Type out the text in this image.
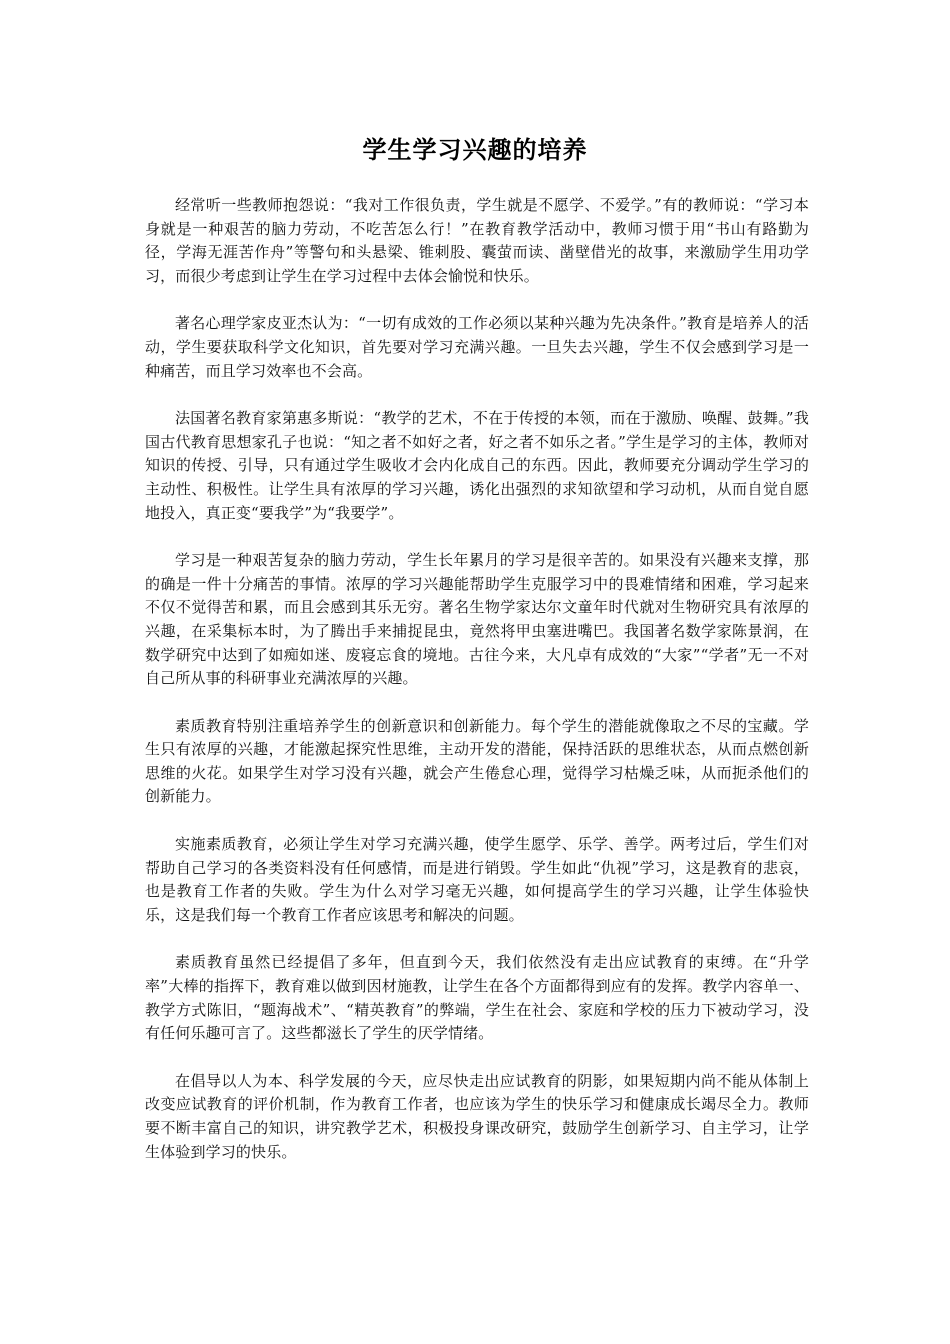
学生学习兴趣的培养

经常听一些教师抱怨说：“我对工作很负责，学生就是不愿学、不爱学。”有的教师说：“学习本身就是一种艰苦的脑力劳动，不吃苦怎么行！”在教育教学活动中，教师习惯于用“书山有路勤为径，学海无涯苦作舟”等警句和头悬梁、锥刺股、囊萤而读、凿壁借光的故事，来激励学生用功学习，而很少考虑到让学生在学习过程中去体会愉悦和快乐。

著名心理学家皮亚杰认为：“一切有成效的工作必须以某种兴趣为先决条件。”教育是培养人的活动，学生要获取科学文化知识，首先要对学习充满兴趣。一旦失去兴趣，学生不仅会感到学习是一种痛苦，而且学习效率也不会高。

法国著名教育家第惠多斯说：“教学的艺术，不在于传授的本领，而在于激励、唤醒、鼓舞。”我国古代教育思想家孔子也说：“知之者不如好之者，好之者不如乐之者。”学生是学习的主体，教师对知识的传授、引导，只有通过学生吸收才会内化成自己的东西。因此，教师要充分调动学生学习的主动性、积极性。让学生具有浓厚的学习兴趣，诱化出强烈的求知欲望和学习动机，从而自觉自愿地投入，真正变“要我学”为“我要学”。

学习是一种艰苦复杂的脑力劳动，学生长年累月的学习是很辛苦的。如果没有兴趣来支撑，那的确是一件十分痛苦的事情。浓厚的学习兴趣能帮助学生克服学习中的畏难情绪和困难，学习起来不仅不觉得苦和累，而且会感到其乐无穷。著名生物学家达尔文童年时代就对生物研究具有浓厚的兴趣，在采集标本时，为了腾出手来捕捉昆虫，竟然将甲虫塞进嘴巴。我国著名数学家陈景润，在数学研究中达到了如痴如迷、废寝忘食的境地。古往今来，大凡卓有成效的“大家”“学者”无一不对自己所从事的科研事业充满浓厚的兴趣。

素质教育特别注重培养学生的创新意识和创新能力。每个学生的潜能就像取之不尽的宝藏。学生只有浓厚的兴趣，才能激起探究性思维，主动开发的潜能，保持活跃的思维状态，从而点燃创新思维的火花。如果学生对学习没有兴趣，就会产生倦怠心理，觉得学习枯燥乏味，从而扼杀他们的创新能力。

实施素质教育，必须让学生对学习充满兴趣，使学生愿学、乐学、善学。两考过后，学生们对帮助自己学习的各类资料没有任何感情，而是进行销毁。学生如此“仇视”学习，这是教育的悲哀，也是教育工作者的失败。学生为什么对学习毫无兴趣，如何提高学生的学习兴趣，让学生体验快乐，这是我们每一个教育工作者应该思考和解决的问题。

素质教育虽然已经提倡了多年，但直到今天，我们依然没有走出应试教育的束缚。在“升学率”大棒的指挥下，教育难以做到因材施教，让学生在各个方面都得到应有的发挥。教学内容单一、教学方式陈旧，“题海战术”、“精英教育”的弊端，学生在社会、家庭和学校的压力下被动学习，没有任何乐趣可言了。这些都滋长了学生的厌学情绪。

在倡导以人为本、科学发展的今天，应尽快走出应试教育的阴影，如果短期内尚不能从体制上改变应试教育的评价机制，作为教育工作者，也应该为学生的快乐学习和健康成长竭尽全力。教师要不断丰富自己的知识，讲究教学艺术，积极投身课改研究，鼓励学生创新学习、自主学习，让学生体验到学习的快乐。
